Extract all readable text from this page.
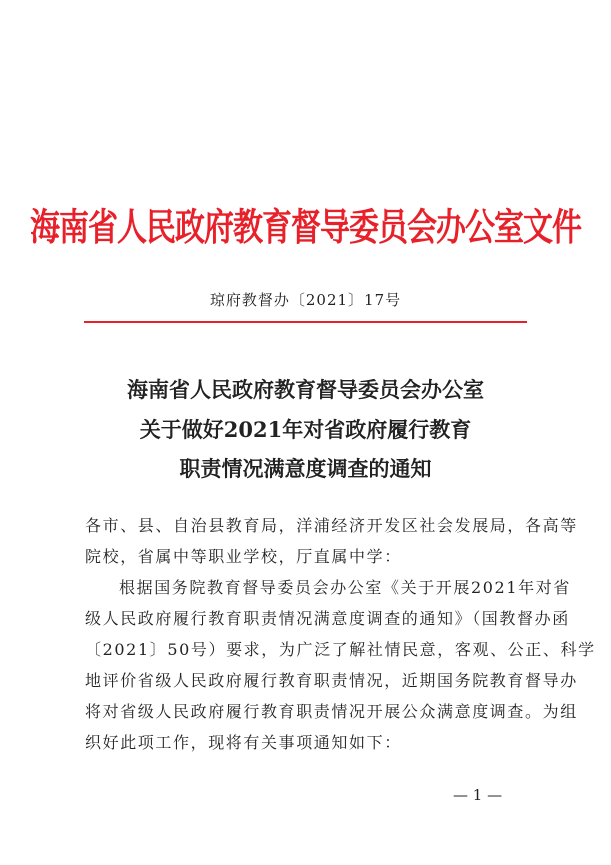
海南省人民政府教育督导委员会办公室文件
琼府教督办〔2021〕17号
海南省人民政府教育督导委员会办公室
关于做好2021年对省政府履行教育
职责情况满意度调查的通知
各市、县、自治县教育局，洋浦经济开发区社会发展局，各高等
院校，省属中等职业学校，厅直属中学：
根据国务院教育督导委员会办公室《关于开展2021年对省
级人民政府履行教育职责情况满意度调查的通知》（国教督办函
〔2021〕50号）要求，为广泛了解社情民意，客观、公正、科学
地评价省级人民政府履行教育职责情况，近期国务院教育督导办
将对省级人民政府履行教育职责情况开展公众满意度调查。为组
织好此项工作，现将有关事项通知如下：
— 1 —
